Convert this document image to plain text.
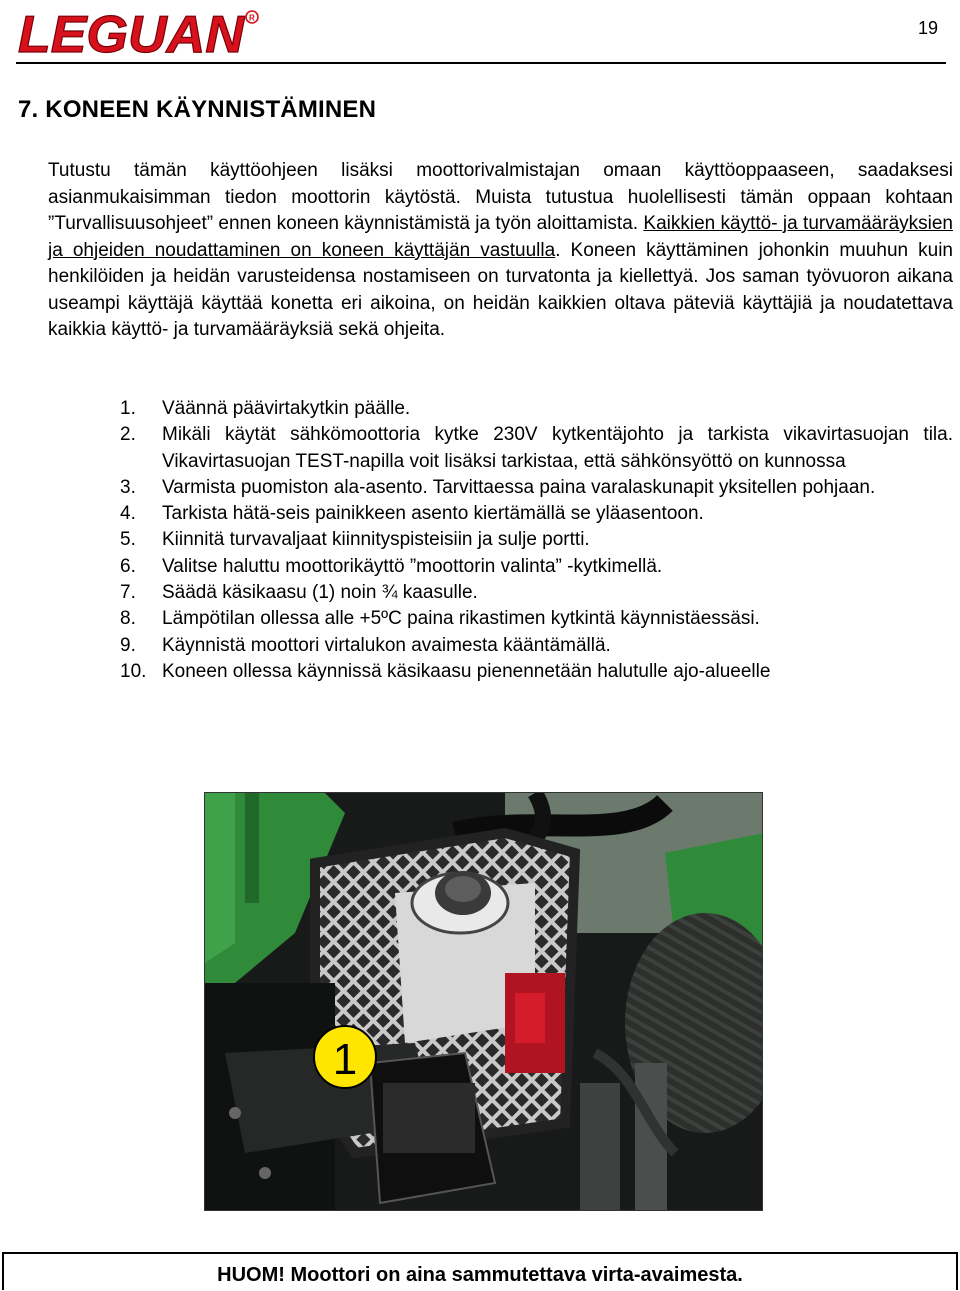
LEGUAN R	19
7. KONEEN KÄYNNISTÄMINEN

Tutustu tämän käyttöohjeen lisäksi moottorivalmistajan omaan käyttöoppaaseen, saadaksesi asianmukaisimman tiedon moottorin käytöstä. Muista tutustua huolellisesti tämän oppaan kohtaan ”Turvallisuusohjeet” ennen koneen käynnistämistä ja työn aloittamista. Kaikkien käyttö- ja turvamääräyksien ja ohjeiden noudattaminen on koneen käyttäjän vastuulla. Koneen käyttäminen johonkin muuhun kuin henkilöiden ja heidän varusteidensa nostamiseen on turvatonta ja kiellettyä. Jos saman työvuoron aikana useampi käyttäjä käyttää konetta eri aikoina, on heidän kaikkien oltava päteviä käyttäjiä ja noudatettava kaikkia käyttö- ja turvamääräyksiä sekä ohjeita.

1.	Väännä päävirtakytkin päälle.
2.	Mikäli käytät sähkömoottoria kytke 230V kytkentäjohto ja tarkista vikavirtasuojan tila. Vikavirtasuojan TEST-napilla voit lisäksi tarkistaa, että sähkönsyöttö on kunnossa
3.	Varmista puomiston ala-asento. Tarvittaessa paina varalaskunapit yksitellen pohjaan.
4.	Tarkista hätä-seis painikkeen asento kiertämällä se yläasentoon.
5.	Kiinnitä turvavaljaat kiinnityspisteisiin ja sulje portti.
6.	Valitse haluttu moottorikäyttö ”moottorin valinta” -kytkimellä.
7.	Säädä käsikaasu (1) noin ¾ kaasulle.
8.	Lämpötilan ollessa alle +5ºC paina rikastimen kytkintä käynnistäessäsi.
9.	Käynnistä moottori virtalukon avaimesta kääntämällä.
10. Koneen ollessa käynnissä käsikaasu pienennetään halutulle ajo-alueelle
1

HUOM! Moottori on aina sammutettava virta-avaimesta.
